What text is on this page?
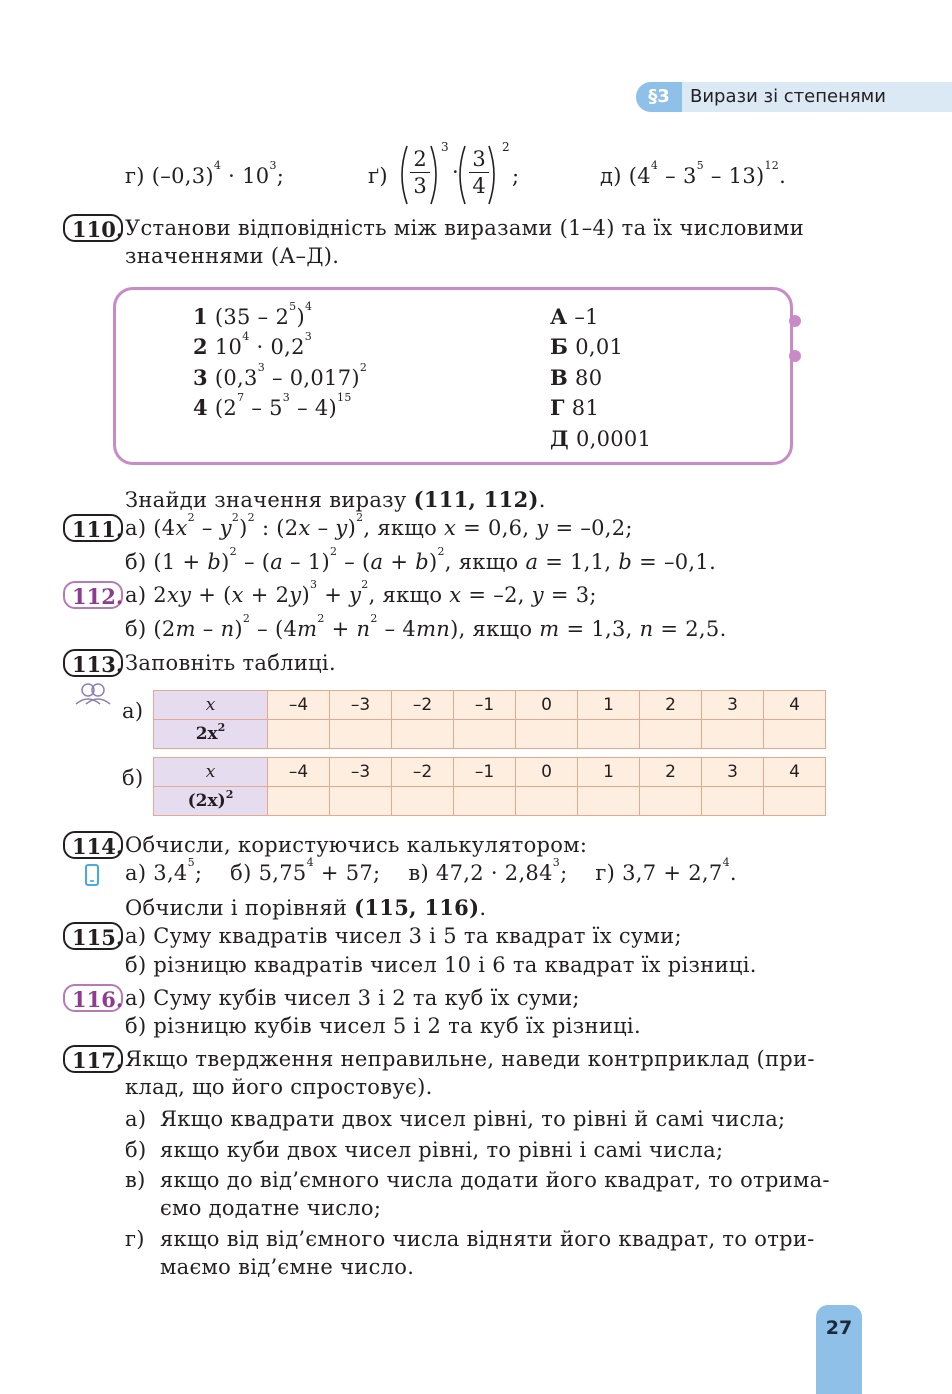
§3	Вирази зі степенями
г) $(-0,3)^4 \cdot 10^3$;	$ґ) \frac{2}{3} 3$
· $\frac{3}{4} 2$
;	д) $(4^4 - 3^5 - 13)^{12}$.
110. Установи відповідність між виразами (1–4) та їх числовими
значеннями (А–Д).
1 $(35 - 2^5)^4$
2 $10^4 \cdot 0,2^3$
3 $(0,3^3 - 0,017)^2$
4 $(2^7 - 5^3 - 4)^{15}$
А –1
Б 0,01
В 80
Г 81
Д 0,0001
Знайди значення виразу (111, 112).
111. а) $(4x^2 - y^2)^2$ : (2x – y)$^2$, якщо x = 0,6, y = –0,2;
б) $(1 + b)^2 - (a - 1)^2 - (a + b)^2$, якщо a = 1,1, b = –0,1.
112. а) $2xy + (x + 2y)^3 + y^2$, якщо x = –2, y = 3;
б) $(2m - n)^2 - (4m^2 + n^2 - 4mn)$, якщо m = 1,3, n = 2,5.
113. Заповніть таблиці.
а)	x	–4	–3	–2	–1	0	1	2	3	4
$2x^2$									
б)	x	–4	–3	–2	–1	0	1	2	3	4
$(2x)^2$									
114. Обчисли, користуючись калькулятором:
а) $3,4^5$;    б) $5,75^4 + 57$;    в) $47,2 \cdot 2,84^3$;    г) $3,7 + 2,7^4$.
Обчисли і порівняй (115, 116).
115. а) Суму квадратів чисел 3 і 5 та квадрат їх суми;
б) різницю квадратів чисел 10 і 6 та квадрат їх різниці.
116. а) Суму кубів чисел 3 і 2 та куб їх суми;
б) різницю кубів чисел 5 і 2 та куб їх різниці.
117. Якщо твердження неправильне, наведи контрприклад (при-
клад, що його спростовує).
а) Якщо квадрати двох чисел рівні, то рівні й самі числа;
б) якщо куби двох чисел рівні, то рівні і самі числа;
в) якщо до від’ємного числа додати його квадрат, то отрима-
ємо додатне число;
г) якщо від від’ємного числа відняти його квадрат, то отри-
маємо від’ємне число.
27
